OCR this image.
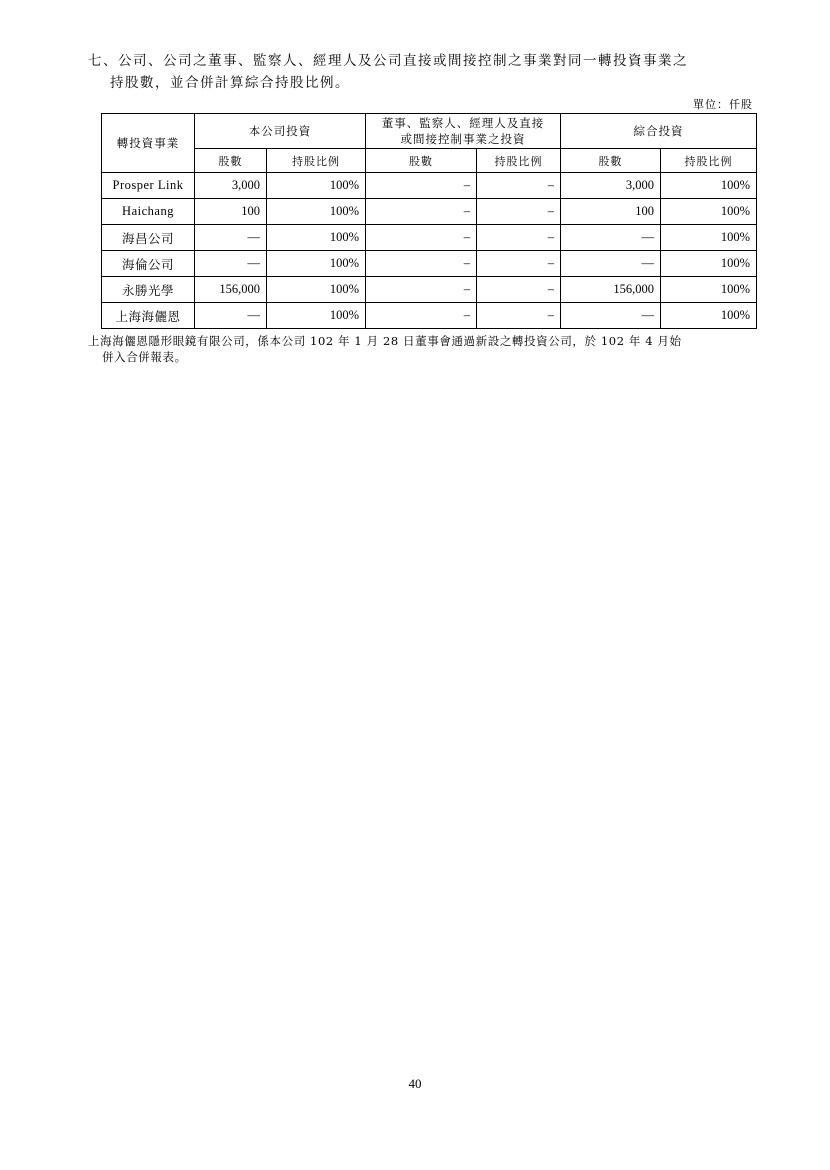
七、公司、公司之董事、監察人、經理人及公司直接或間接控制之事業對同一轉投資事業之
持股數，並合併計算綜合持股比例。
單位：仟股
轉投資事業	本公司投資		董事、監察人、經理人及直接
或間接控制事業之投資		綜合投資	
	股數	持股比例	股數	持股比例	股數	持股比例
Prosper Link	3,000	100%	–	–	3,000	100%
Haichang	100	100%	–	–	100	100%
海昌公司	—	100%	–	–	—	100%
海倫公司	—	100%	–	–	—	100%
永勝光學	156,000	100%	–	–	156,000	100%
上海海儷恩	—	100%	–	–	—	100%
上海海儷恩隱形眼鏡有限公司，係本公司 102 年 1 月 28 日董事會通過新設之轉投資公司，於 102 年 4 月始
併入合併報表。
40
